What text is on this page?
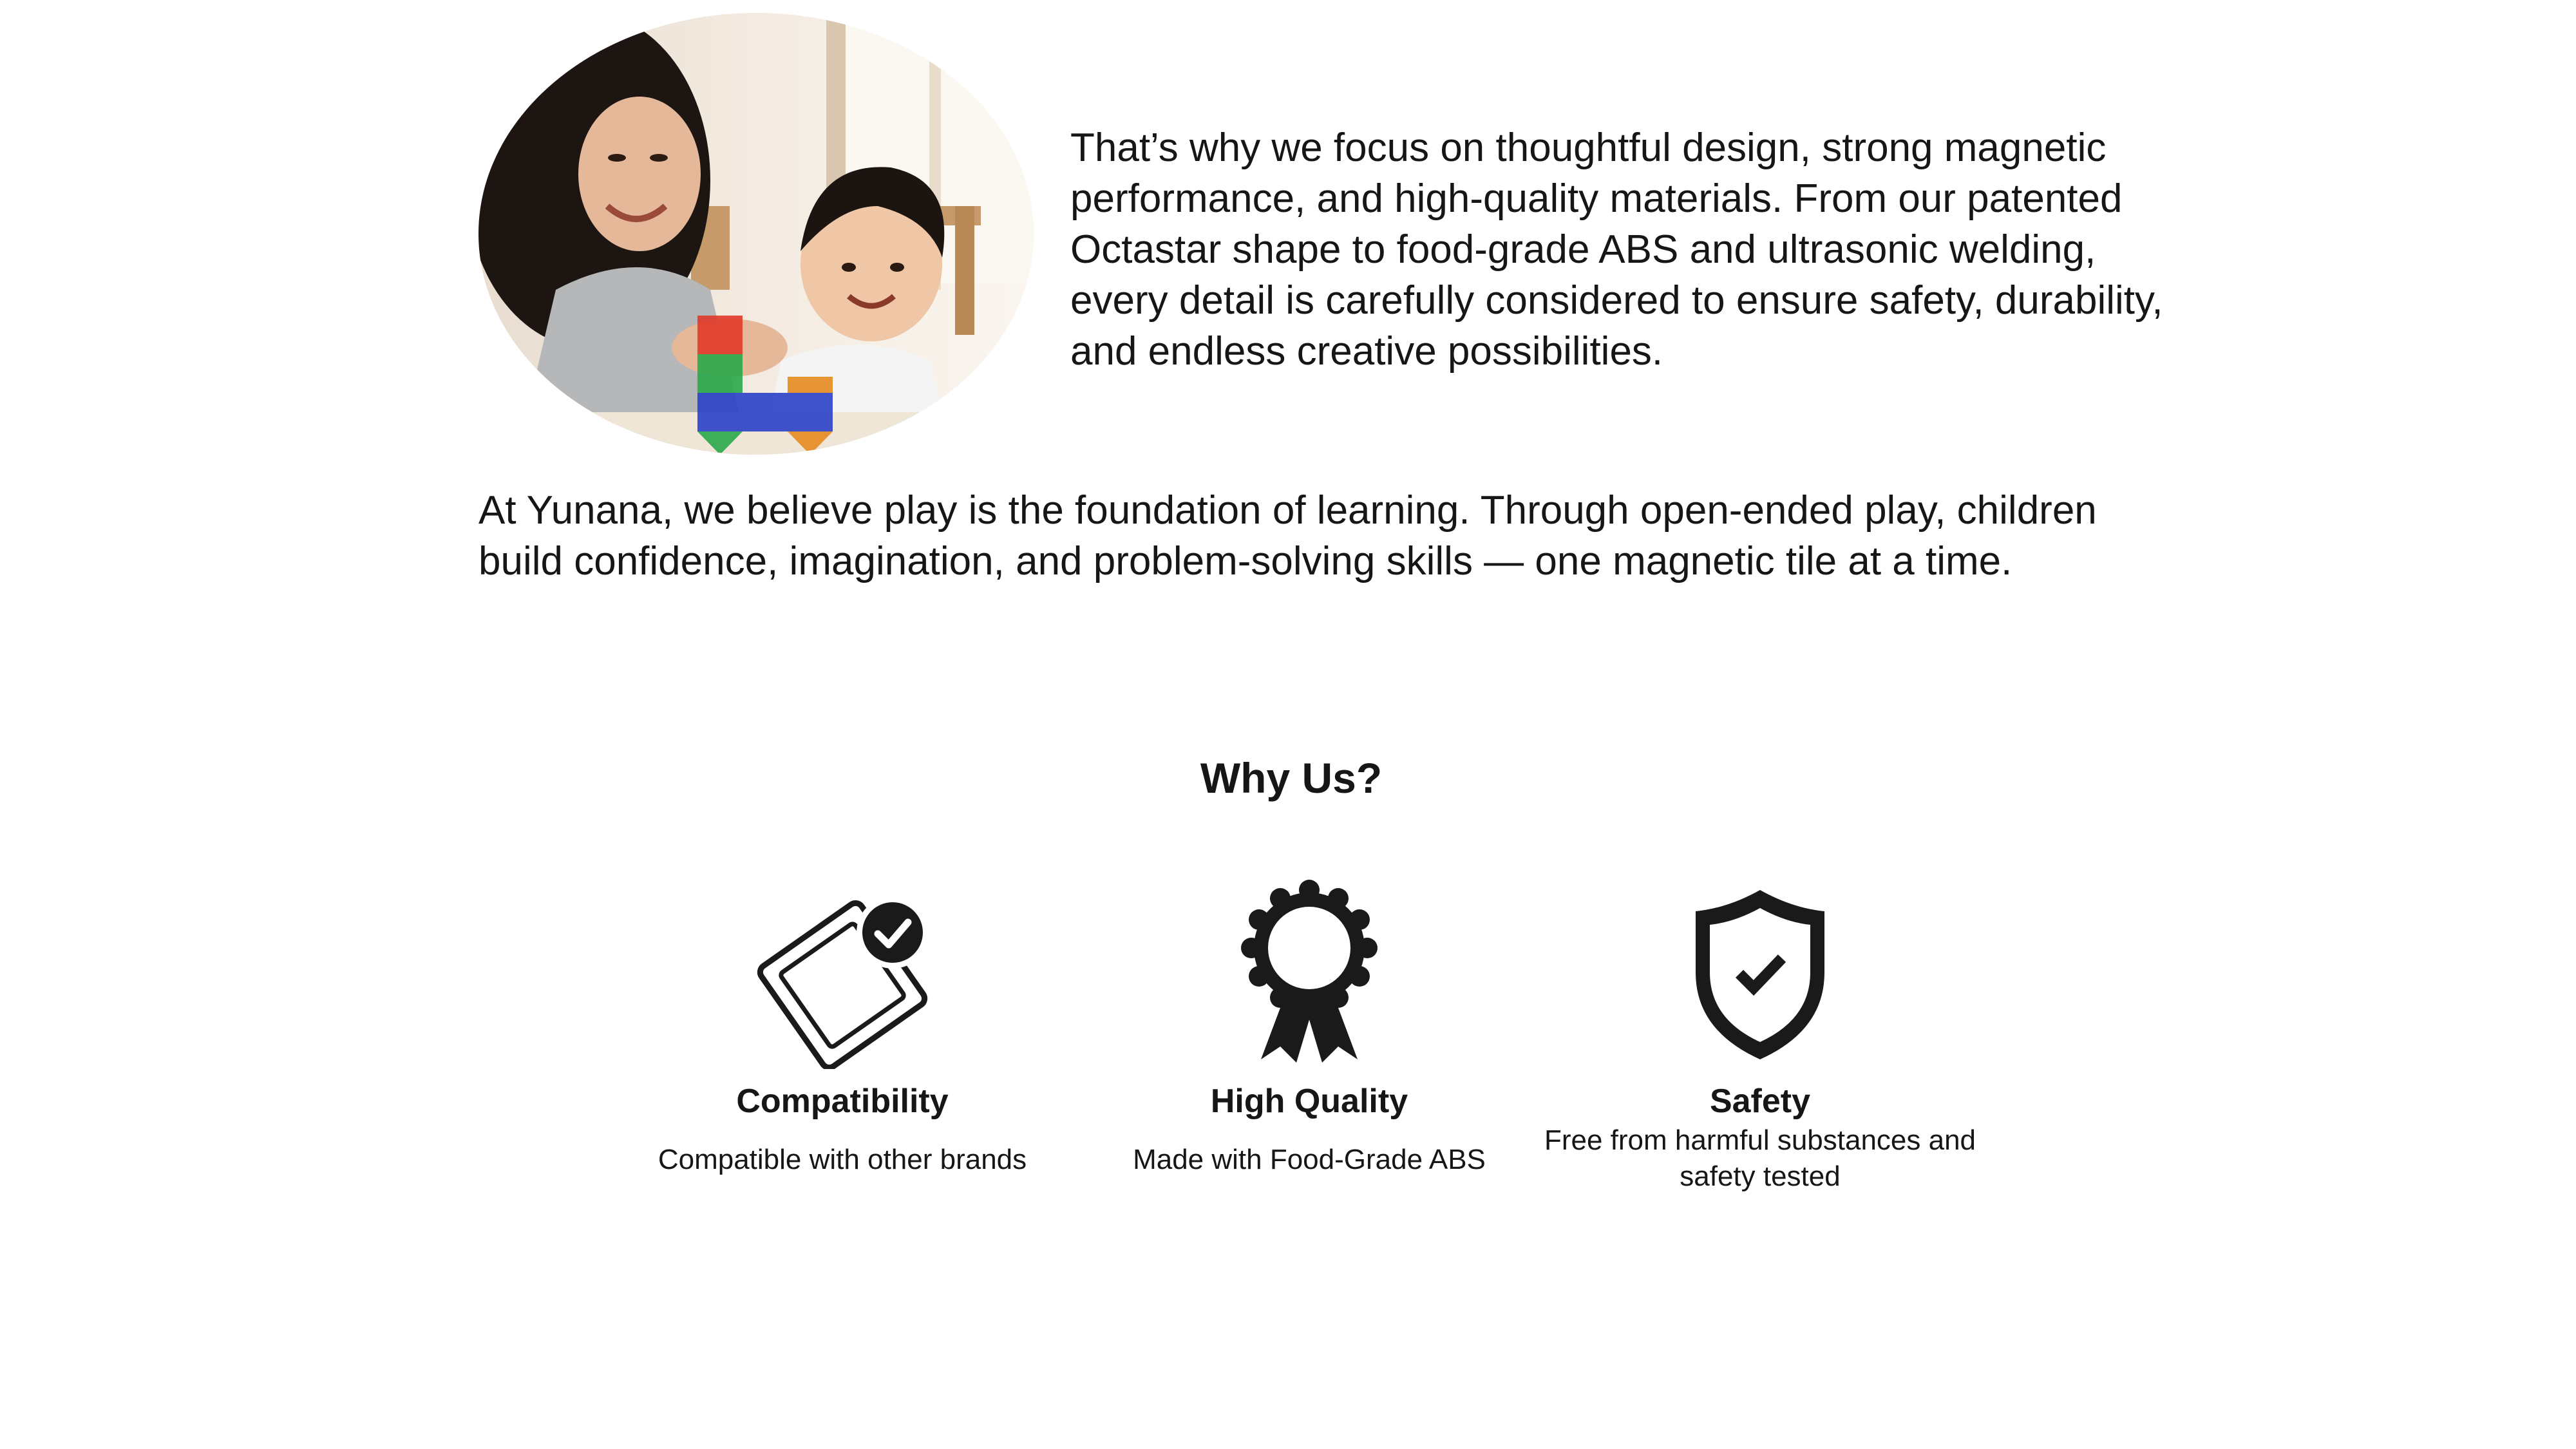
That’s why we focus on thoughtful design, strong magnetic performance, and high-quality materials. From our patented Octastar shape to food-grade ABS and ultrasonic welding, every detail is carefully considered to ensure safety, durability, and endless creative possibilities.

At Yunana, we believe play is the foundation of learning. Through open-ended play, children build confidence, imagination, and problem-solving skills — one magnetic tile at a time.

Why Us?

Compatibility

Compatible with other brands

High Quality

Made with Food-Grade ABS

Safety

Free from harmful substances and safety tested
